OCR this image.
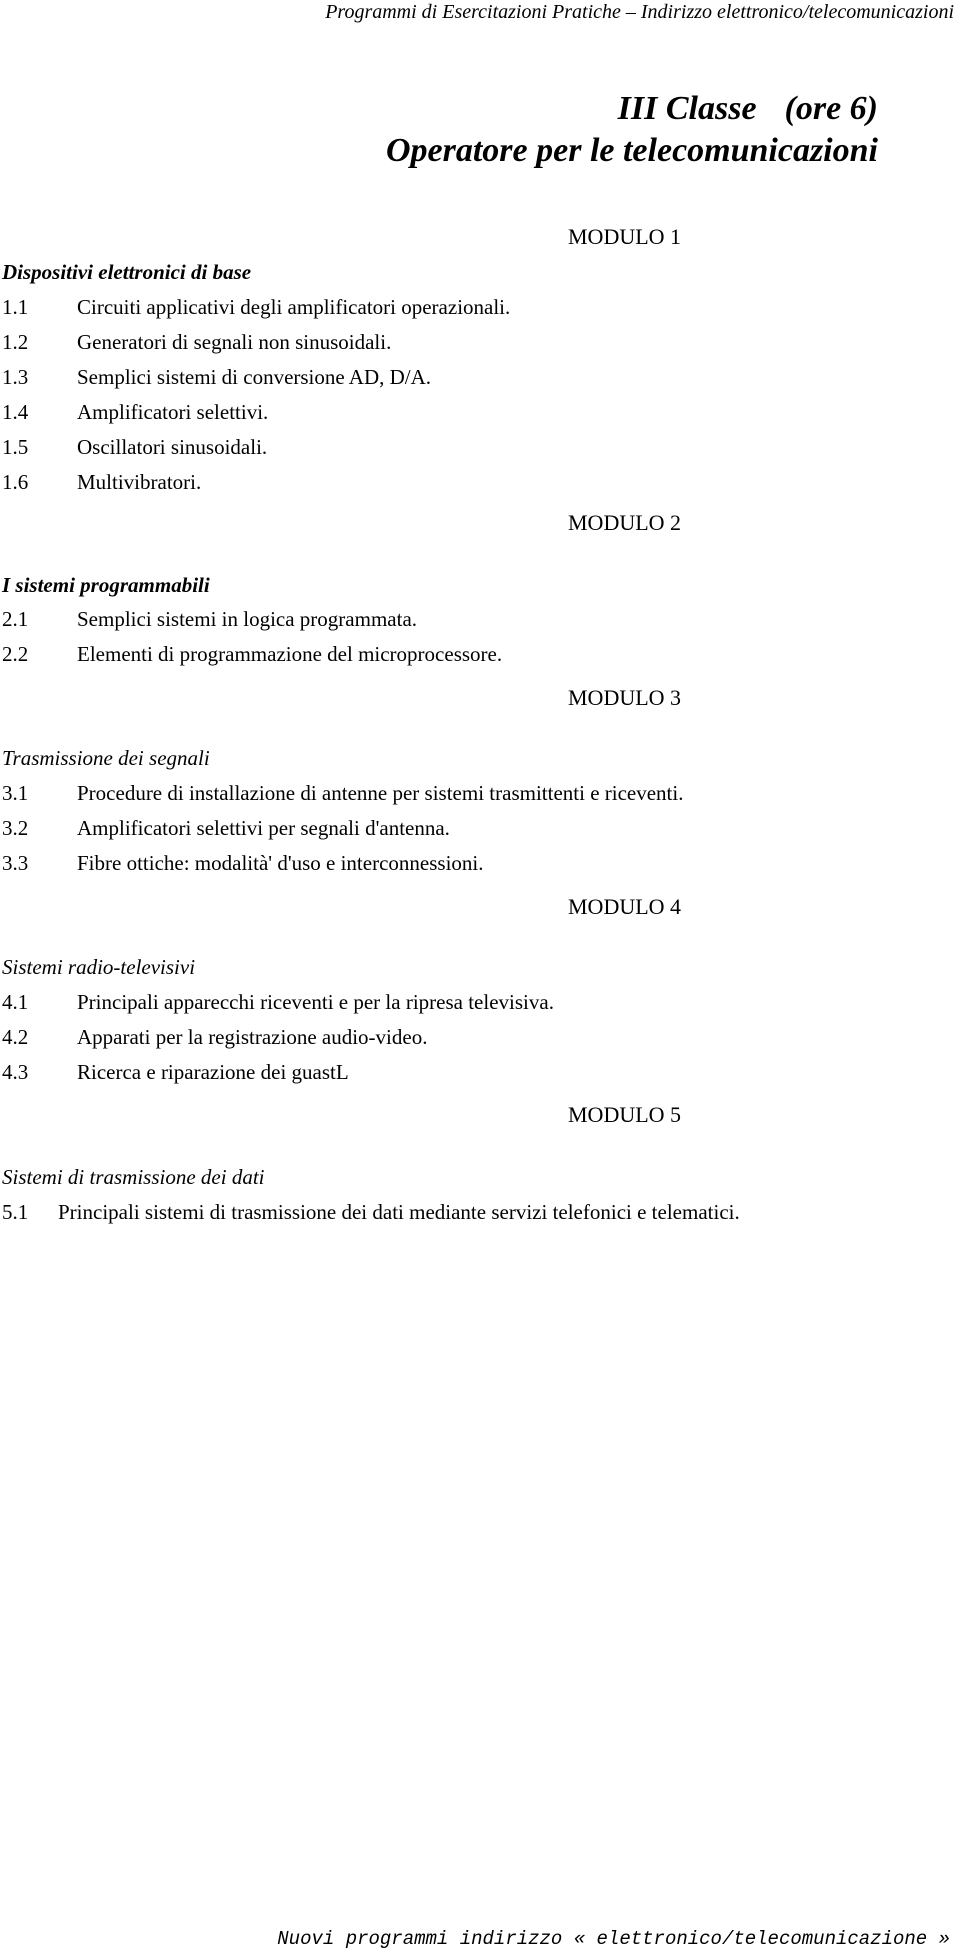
Programmi di Esercitazioni Pratiche – Indirizzo elettronico/telecomunicazioni
III Classe (ore 6)
Operatore per le telecomunicazioni
MODULO 1
Dispositivi elettronici di base
1.1 Circuiti applicativi degli amplificatori operazionali.
1.2 Generatori di segnali non sinusoidali.
1.3 Semplici sistemi di conversione AD, D/A.
1.4 Amplificatori selettivi.
1.5 Oscillatori sinusoidali.
1.6 Multivibratori.
MODULO 2
I sistemi programmabili
2.1 Semplici sistemi in logica programmata.
2.2 Elementi di programmazione del microprocessore.
MODULO 3
Trasmissione dei segnali
3.1 Procedure di installazione di antenne per sistemi trasmittenti e riceventi.
3.2 Amplificatori selettivi per segnali d'antenna.
3.3 Fibre ottiche: modalità' d'uso e interconnessioni.
MODULO 4
Sistemi radio-televisivi
4.1 Principali apparecchi riceventi e per la ripresa televisiva.
4.2 Apparati per la registrazione audio-video.
4.3 Ricerca e riparazione dei guastL
MODULO 5
Sistemi di trasmissione dei dati
5.1 Principali sistemi di trasmissione dei dati mediante servizi telefonici e telematici.
Nuovi programmi indirizzo « elettronico/telecomunicazione »
